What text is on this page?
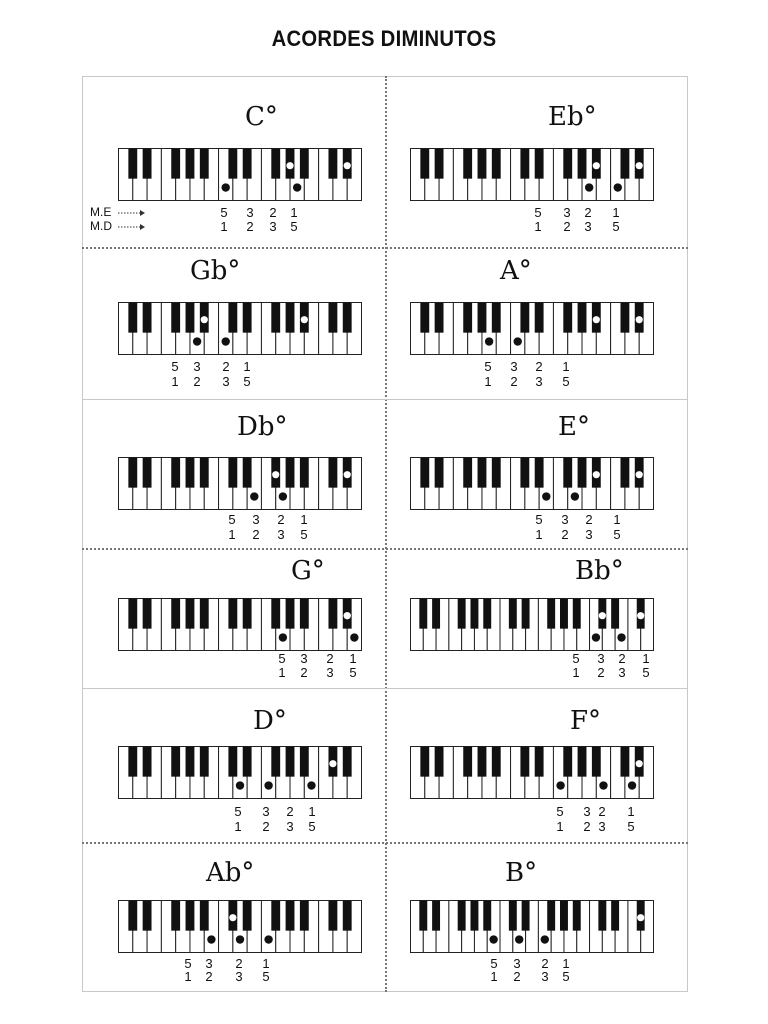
ACORDES DIMINUTOS
C°
5 3 2 1
1 2 3 5
Eb°
5 3 2 1
1 2 3 5
Gb°
5 3 2 1
1 2 3 5
A°
5 3 2 1
1 2 3 5
Db°
5 3 2 1
1 2 3 5
E°
5 3 2 1
1 2 3 5
G°
5 3 2 1
1 2 3 5
Bb°
5 3 2 1
1 2 3 5
D°
5 3 2 1
1 2 3 5
F°
5 3 2 1
1 2 3 5
Ab°
5 3 2 1
1 2 3 5
B°
5 3 2 1
1 2 3 5
M.E
M.D
